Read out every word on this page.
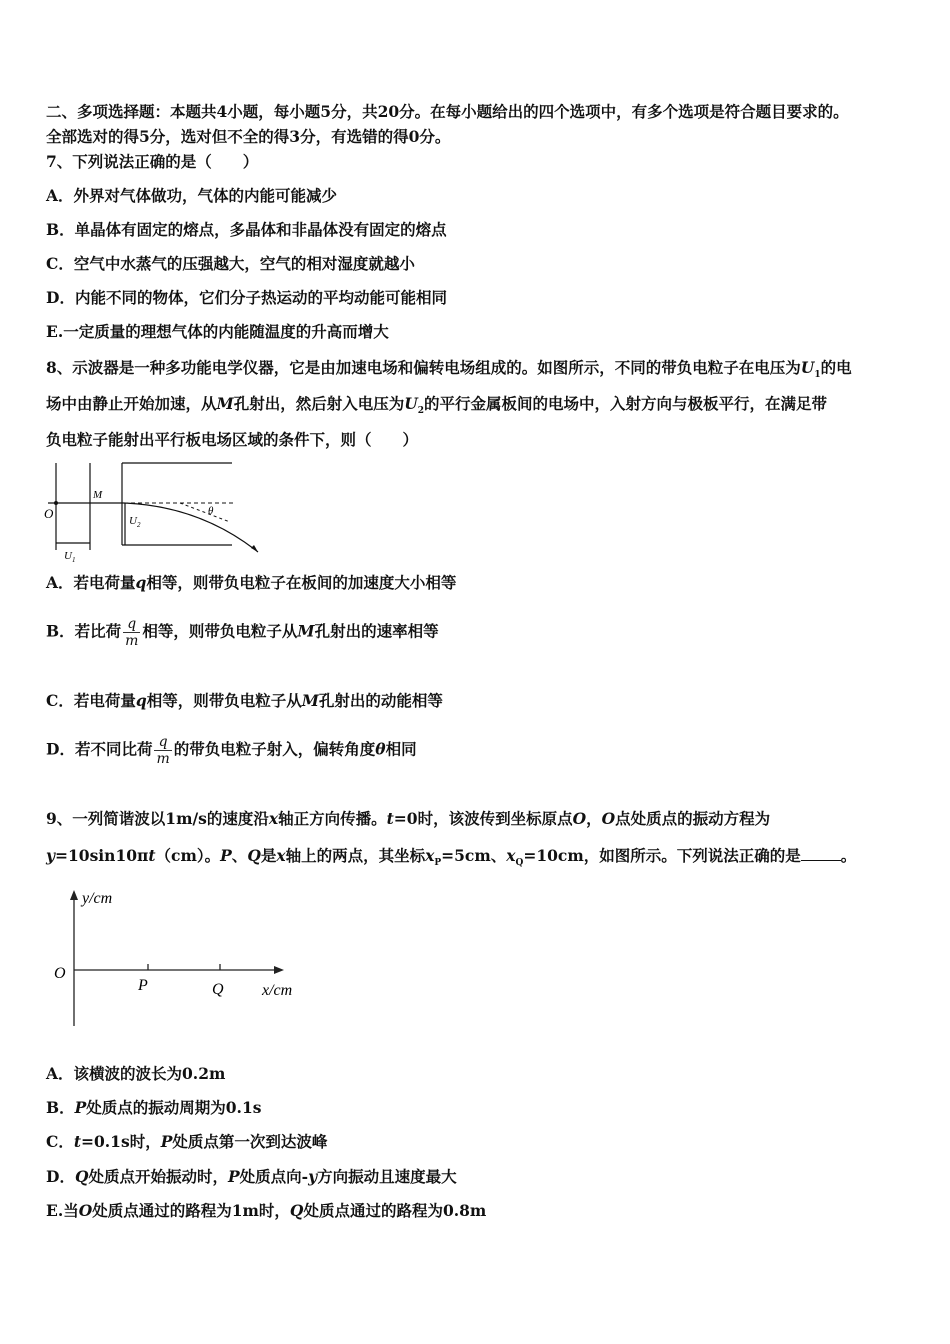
二、多项选择题：本题共4小题，每小题5分，共20分。在每小题给出的四个选项中，有多个选项是符合题目要求的。
全部选对的得5分，选对但不全的得3分，有选错的得0分。
7、下列说法正确的是（　　）
A．外界对气体做功，气体的内能可能减少
B．单晶体有固定的熔点，多晶体和非晶体没有固定的熔点
C．空气中水蒸气的压强越大，空气的相对湿度就越小
D．内能不同的物体，它们分子热运动的平均动能可能相同
E.一定质量的理想气体的内能随温度的升高而增大
8、示波器是一种多功能电学仪器，它是由加速电场和偏转电场组成的。如图所示，不同的带负电粒子在电压为$U_1$的电
场中由静止开始加速，从M孔射出，然后射入电压为$U_2$的平行金属板间的电场中，入射方向与极板平行，在满足带
负电粒子能射出平行板电场区域的条件下，则（　　）
O
M
$U_2$
θ
$U_1$
A．若电荷量q相等，则带负电粒子在板间的加速度大小相等
B．若比荷 $\frac{q}{m}$ 相等，则带负电粒子从M孔射出的速率相等
C．若电荷量q相等，则带负电粒子从M孔射出的动能相等
D．若不同比荷 $\frac{q}{m}$ 的带负电粒子射入，偏转角度θ相同
9、一列简谐波以1m/s的速度沿x轴正方向传播。t=0时，该波传到坐标原点O，O点处质点的振动方程为
y=10sin10πt（cm）。P、Q是x轴上的两点，其坐标$x_P=5cm$、$x_Q=10cm$，如图所示。下列说法正确的是	。
y/cm
O
P	Q x/cm
A．该横波的波长为0.2m
B．P处质点的振动周期为0.1s
C．t=0.1s时，P处质点第一次到达波峰
D．Q处质点开始振动时，P处质点向-y方向振动且速度最大
E.当O处质点通过的路程为1m时，Q处质点通过的路程为0.8m
